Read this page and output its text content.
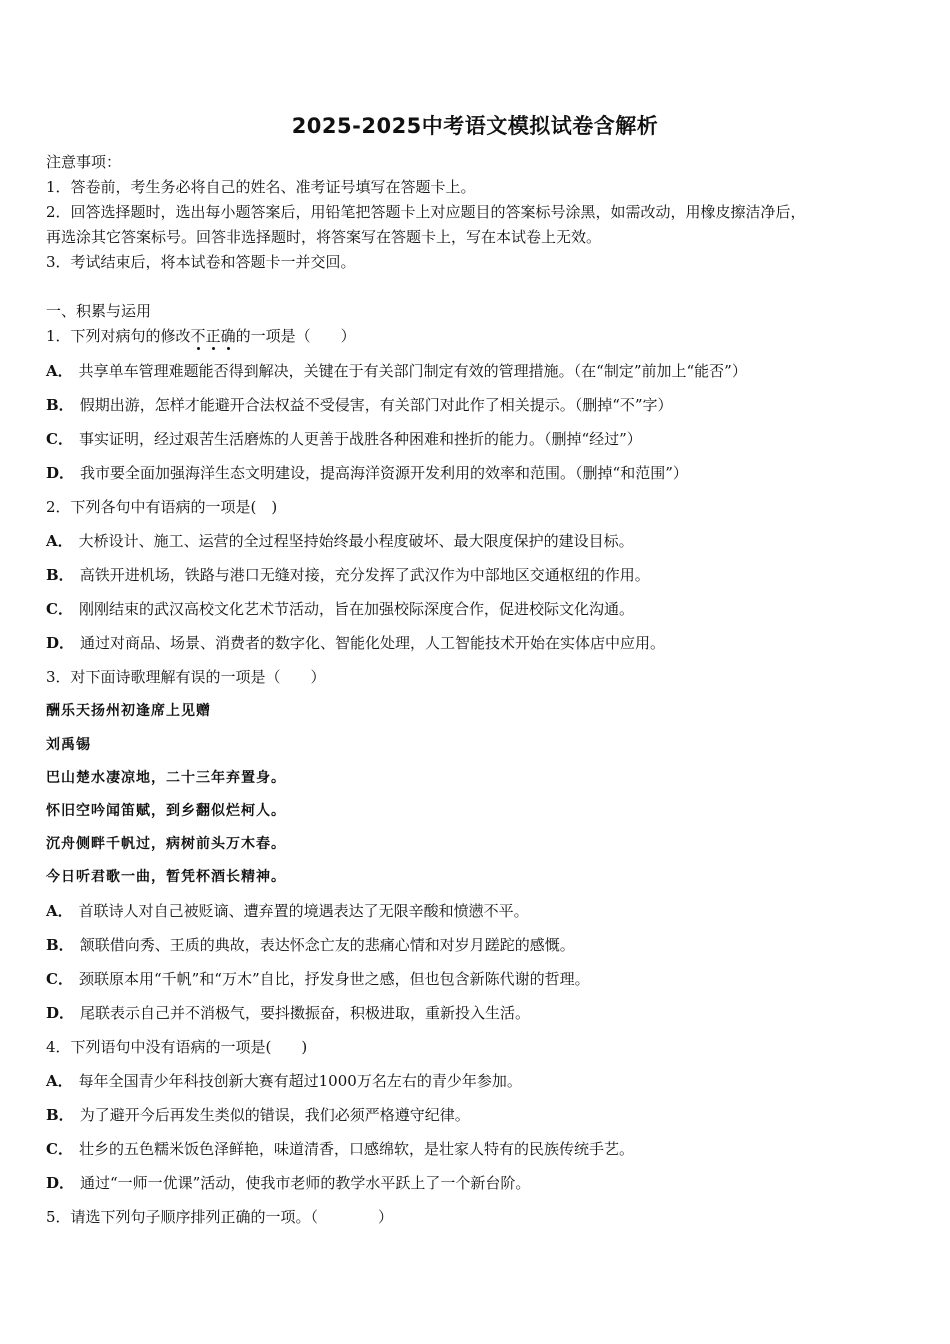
2025-2025中考语文模拟试卷含解析
注意事项：
1．答卷前，考生务必将自己的姓名、准考证号填写在答题卡上。
2．回答选择题时，选出每小题答案后，用铅笔把答题卡上对应题目的答案标号涂黑，如需改动，用橡皮擦洁净后，
再选涂其它答案标号。回答非选择题时，将答案写在答题卡上，写在本试卷上无效。
3．考试结束后，将本试卷和答题卡一并交回。
一、积累与运用
1．下列对病句的修改不正确的一项是（　　）
A． 共享单车管理难题能否得到解决，关键在于有关部门制定有效的管理措施。（在“制定”前加上“能否”）
B． 假期出游，怎样才能避开合法权益不受侵害，有关部门对此作了相关提示。（删掉“不”字）
C． 事实证明，经过艰苦生活磨炼的人更善于战胜各种困难和挫折的能力。（删掉“经过”）
D． 我市要全面加强海洋生态文明建设，提高海洋资源开发利用的效率和范围。（删掉“和范围”）
2．下列各句中有语病的一项是(　)
A． 大桥设计、施工、运营的全过程坚持始终最小程度破坏、最大限度保护的建设目标。
B． 高铁开进机场，铁路与港口无缝对接，充分发挥了武汉作为中部地区交通枢纽的作用。
C． 刚刚结束的武汉高校文化艺术节活动，旨在加强校际深度合作，促进校际文化沟通。
D． 通过对商品、场景、消费者的数字化、智能化处理，人工智能技术开始在实体店中应用。
3．对下面诗歌理解有误的一项是（　　）
酬乐天扬州初逢席上见赠
刘禹锡
巴山楚水凄凉地，二十三年弃置身。
怀旧空吟闻笛赋，到乡翻似烂柯人。
沉舟侧畔千帆过，病树前头万木春。
今日听君歌一曲，暂凭杯酒长精神。
A． 首联诗人对自己被贬谪、遭弃置的境遇表达了无限辛酸和愤懑不平。
B． 颔联借向秀、王质的典故，表达怀念亡友的悲痛心情和对岁月蹉跎的感慨。
C． 颈联原本用“千帆”和“万木”自比，抒发身世之感，但也包含新陈代谢的哲理。
D． 尾联表示自己并不消极气，要抖擞振奋，积极进取，重新投入生活。
4．下列语句中没有语病的一项是(　　)
A． 每年全国青少年科技创新大赛有超过1000万名左右的青少年参加。
B． 为了避开今后再发生类似的错误，我们必须严格遵守纪律。
C． 壮乡的五色糯米饭色泽鲜艳，味道清香，口感绵软，是壮家人特有的民族传统手艺。
D． 通过“一师一优课”活动，使我市老师的教学水平跃上了一个新台阶。
5．请选下列句子顺序排列正确的一项。（　　　　）
